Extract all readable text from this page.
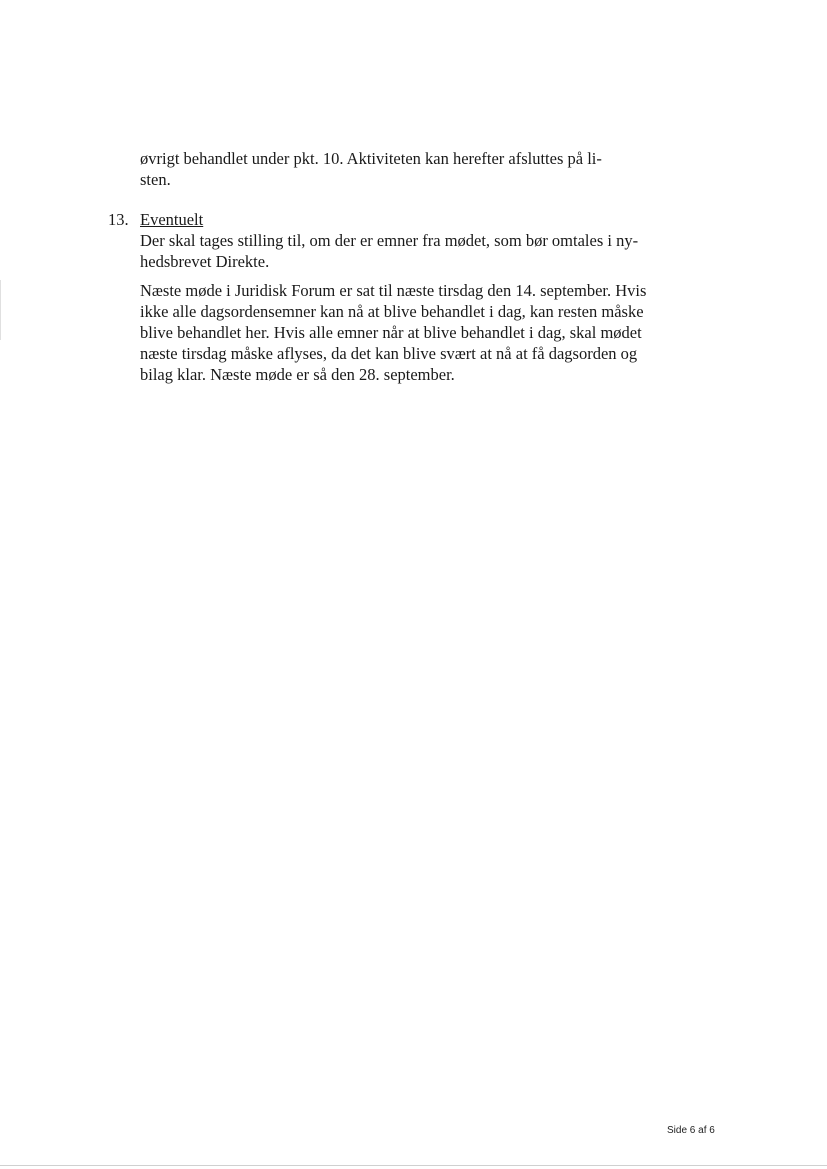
øvrigt behandlet under pkt. 10. Aktiviteten kan herefter afsluttes på li-
sten.
13. Eventuelt
Der skal tages stilling til, om der er emner fra mødet, som bør omtales i ny-
hedsbrevet Direkte.
Næste møde i Juridisk Forum er sat til næste tirsdag den 14. september. Hvis
ikke alle dagsordensemner kan nå at blive behandlet i dag, kan resten måske
blive behandlet her. Hvis alle emner når at blive behandlet i dag, skal mødet
næste tirsdag måske aflyses, da det kan blive svært at nå at få dagsorden og
bilag klar. Næste møde er så den 28. september.
Side 6 af 6
